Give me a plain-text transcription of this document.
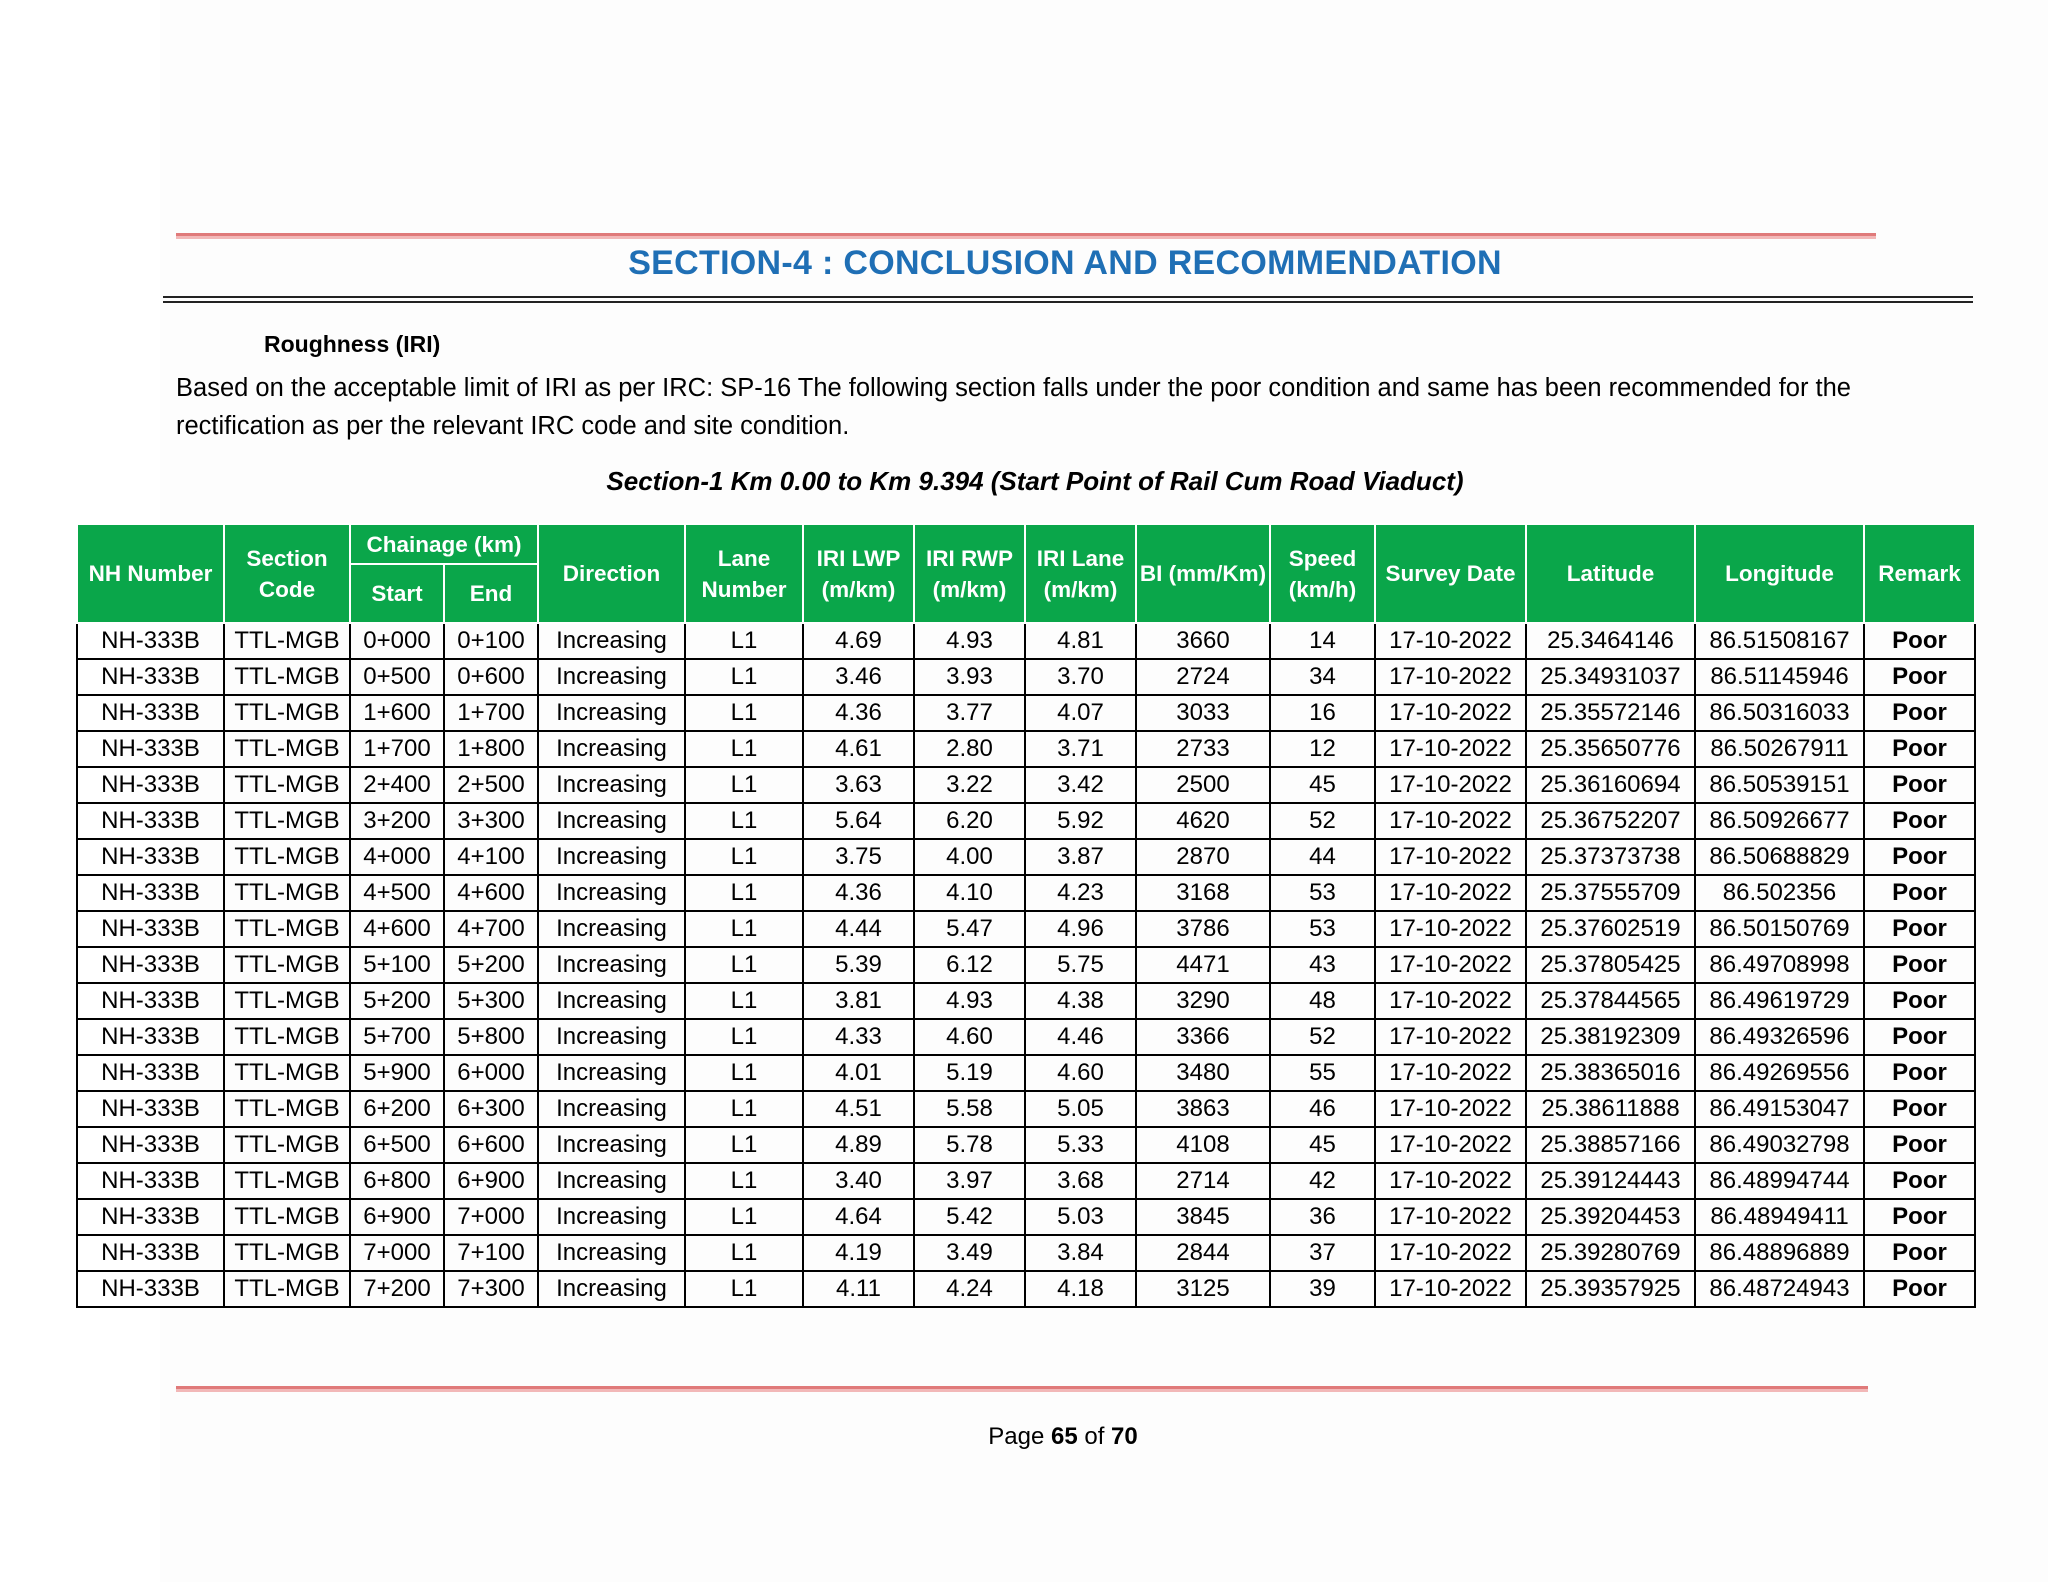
SECTION-4 : CONCLUSION AND RECOMMENDATION
Roughness (IRI)
Based on the acceptable limit of IRI as per IRC: SP-16 The following section falls under the poor condition and same has been recommended for the rectification as per the relevant IRC code and site condition.
Section-1 Km 0.00 to Km 9.394 (Start Point of Rail Cum Road Viaduct)
NH Number	Section Code	Chainage (km)		Direction	Lane Number	IRI LWP (m/km)	IRI RWP (m/km)	IRI Lane (m/km)	BI (mm/Km)	Speed (km/h)	Survey Date	Latitude	Longitude	Remark
		Start	End											
NH-333B	TTL-MGB	0+000	0+100	Increasing	L1	4.69	4.93	4.81	3660	14	17-10-2022	25.3464146	86.51508167	Poor
NH-333B	TTL-MGB	0+500	0+600	Increasing	L1	3.46	3.93	3.70	2724	34	17-10-2022	25.34931037	86.51145946	Poor
NH-333B	TTL-MGB	1+600	1+700	Increasing	L1	4.36	3.77	4.07	3033	16	17-10-2022	25.35572146	86.50316033	Poor
NH-333B	TTL-MGB	1+700	1+800	Increasing	L1	4.61	2.80	3.71	2733	12	17-10-2022	25.35650776	86.50267911	Poor
NH-333B	TTL-MGB	2+400	2+500	Increasing	L1	3.63	3.22	3.42	2500	45	17-10-2022	25.36160694	86.50539151	Poor
NH-333B	TTL-MGB	3+200	3+300	Increasing	L1	5.64	6.20	5.92	4620	52	17-10-2022	25.36752207	86.50926677	Poor
NH-333B	TTL-MGB	4+000	4+100	Increasing	L1	3.75	4.00	3.87	2870	44	17-10-2022	25.37373738	86.50688829	Poor
NH-333B	TTL-MGB	4+500	4+600	Increasing	L1	4.36	4.10	4.23	3168	53	17-10-2022	25.37555709	86.502356	Poor
NH-333B	TTL-MGB	4+600	4+700	Increasing	L1	4.44	5.47	4.96	3786	53	17-10-2022	25.37602519	86.50150769	Poor
NH-333B	TTL-MGB	5+100	5+200	Increasing	L1	5.39	6.12	5.75	4471	43	17-10-2022	25.37805425	86.49708998	Poor
NH-333B	TTL-MGB	5+200	5+300	Increasing	L1	3.81	4.93	4.38	3290	48	17-10-2022	25.37844565	86.49619729	Poor
NH-333B	TTL-MGB	5+700	5+800	Increasing	L1	4.33	4.60	4.46	3366	52	17-10-2022	25.38192309	86.49326596	Poor
NH-333B	TTL-MGB	5+900	6+000	Increasing	L1	4.01	5.19	4.60	3480	55	17-10-2022	25.38365016	86.49269556	Poor
NH-333B	TTL-MGB	6+200	6+300	Increasing	L1	4.51	5.58	5.05	3863	46	17-10-2022	25.38611888	86.49153047	Poor
NH-333B	TTL-MGB	6+500	6+600	Increasing	L1	4.89	5.78	5.33	4108	45	17-10-2022	25.38857166	86.49032798	Poor
NH-333B	TTL-MGB	6+800	6+900	Increasing	L1	3.40	3.97	3.68	2714	42	17-10-2022	25.39124443	86.48994744	Poor
NH-333B	TTL-MGB	6+900	7+000	Increasing	L1	4.64	5.42	5.03	3845	36	17-10-2022	25.39204453	86.48949411	Poor
NH-333B	TTL-MGB	7+000	7+100	Increasing	L1	4.19	3.49	3.84	2844	37	17-10-2022	25.39280769	86.48896889	Poor
NH-333B	TTL-MGB	7+200	7+300	Increasing	L1	4.11	4.24	4.18	3125	39	17-10-2022	25.39357925	86.48724943	Poor
Page 65 of 70
